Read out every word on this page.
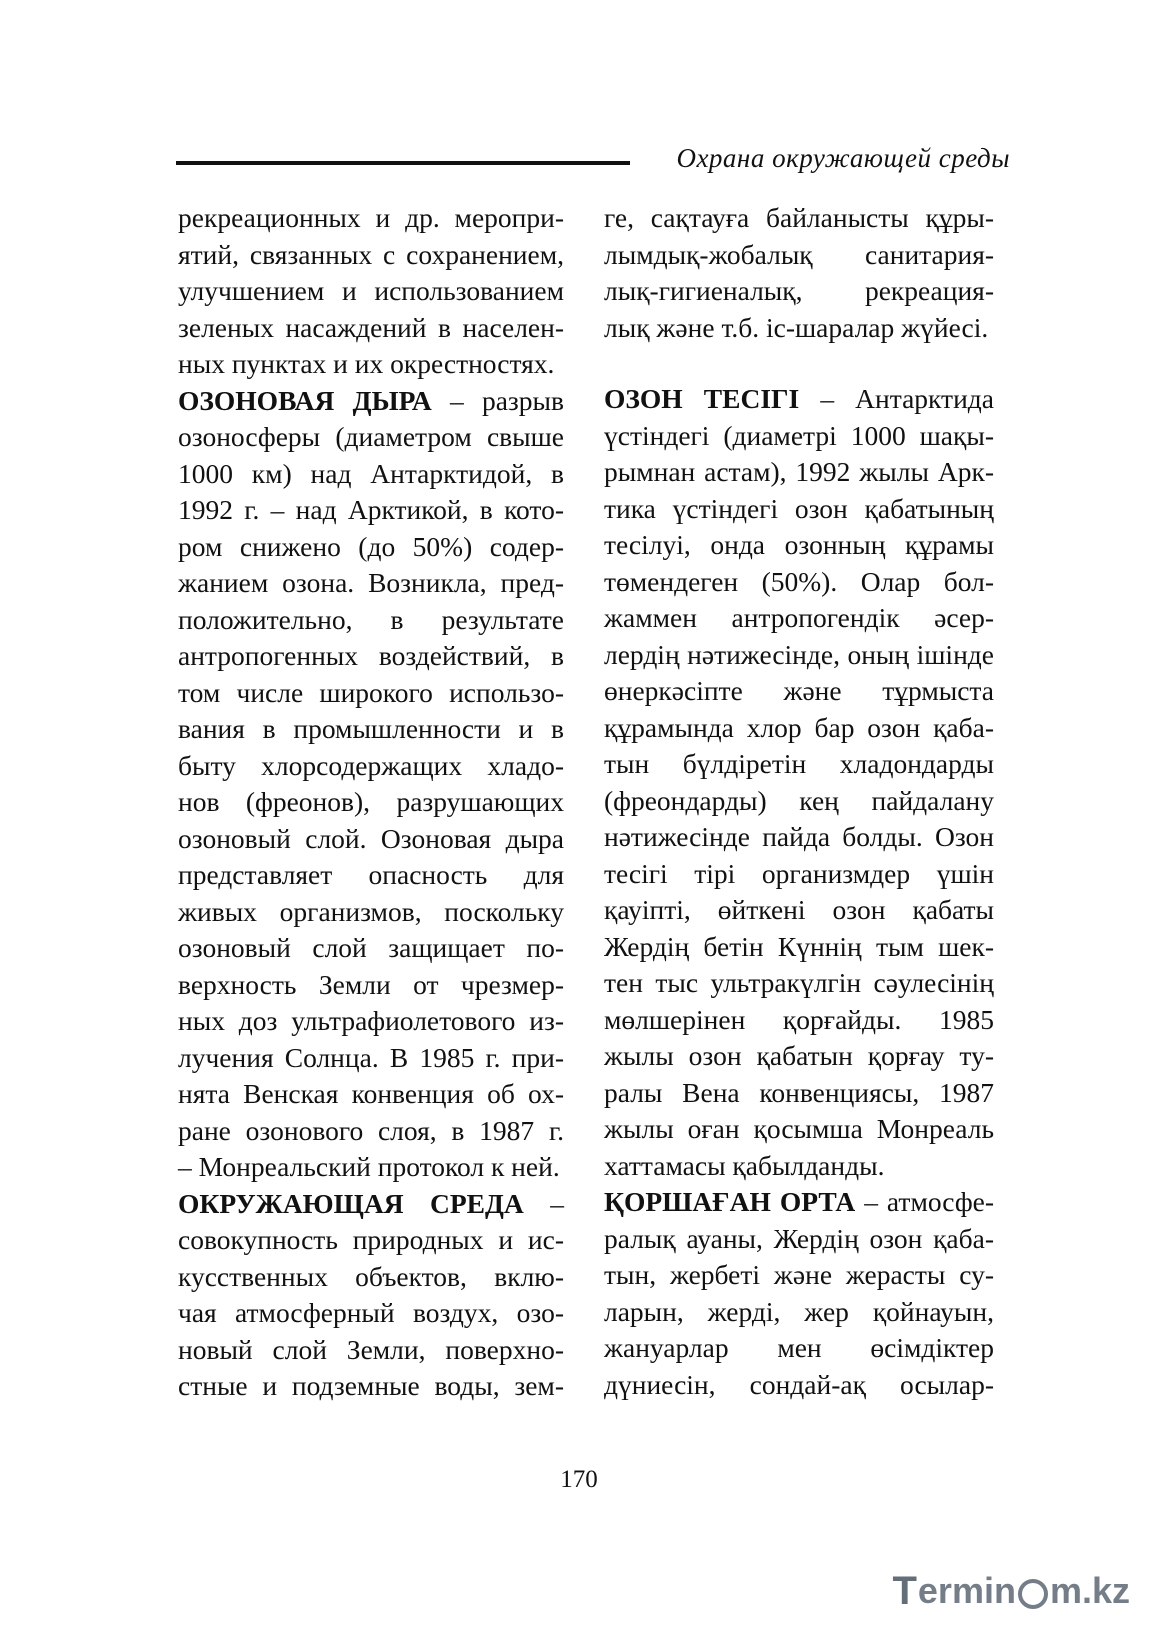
Охрана окружающей среды
рекреационных и др. меропри-
ятий, связанных с сохранением,
улучшением и использованием
зеленых насаждений в населен-
ных пунктах и их окрестностях.
ОЗОНОВАЯ ДЫРА – разрыв
озоносферы (диаметром свыше
1000 км) над Антарктидой, в
1992 г. – над Арктикой, в кото-
ром снижено (до 50%) содер-
жанием озона. Возникла, пред-
положительно, в результате
антропогенных воздействий, в
том числе широкого использо-
вания в промышленности и в
быту хлорсодержащих хладо-
нов (фреонов), разрушающих
озоновый слой. Озоновая дыра
представляет опасность для
живых организмов, поскольку
озоновый слой защищает по-
верхность Земли от чрезмер-
ных доз ультрафиолетового из-
лучения Солнца. В 1985 г. при-
нята Венская конвенция об ох-
ране озонового слоя, в 1987 г.
– Монреальский протокол к ней.
ОКРУЖАЮЩАЯ СРЕДА –
совокупность природных и ис-
кусственных объектов, вклю-
чая атмосферный воздух, озо-
новый слой Земли, поверхно-
стные и подземные воды, зем-
ге, сақтауға байланысты құры-
лымдық-жобалық санитария-
лық-гигиеналық, рекреация-
лық және т.б. іс-шаралар жүйесі.
ОЗОН ТЕСІГІ – Антарктида
үстіндегі (диаметрі 1000 шақы-
рымнан астам), 1992 жылы Арк-
тика үстіндегі озон қабатының
тесілуі, онда озонның құрамы
төмендеген (50%). Олар бол-
жаммен антропогендік әсер-
лердің нәтижесінде, оның ішінде
өнеркәсіпте және тұрмыста
құрамында хлор бар озон қаба-
тын бүлдіретін хладондарды
(фреондарды) кең пайдалану
нәтижесінде пайда болды. Озон
тесігі тірі организмдер үшін
қауіпті, өйткені озон қабаты
Жердің бетін Күннің тым шек-
тен тыс ультракүлгін сәулесінің
мөлшерінен қорғайды. 1985
жылы озон қабатын қорғау ту-
ралы Вена конвенциясы, 1987
жылы оған қосымша Монреаль
хаттамасы қабылданды.
ҚОРШАҒАН ОРТА – атмосфе-
ралық ауаны, Жердің озон қаба-
тын, жербеті және жерасты су-
ларын, жерді, жер қойнауын,
жануарлар мен өсімдіктер
дүниесін, сондай-ақ осылар-
170
T ermin m.kz
